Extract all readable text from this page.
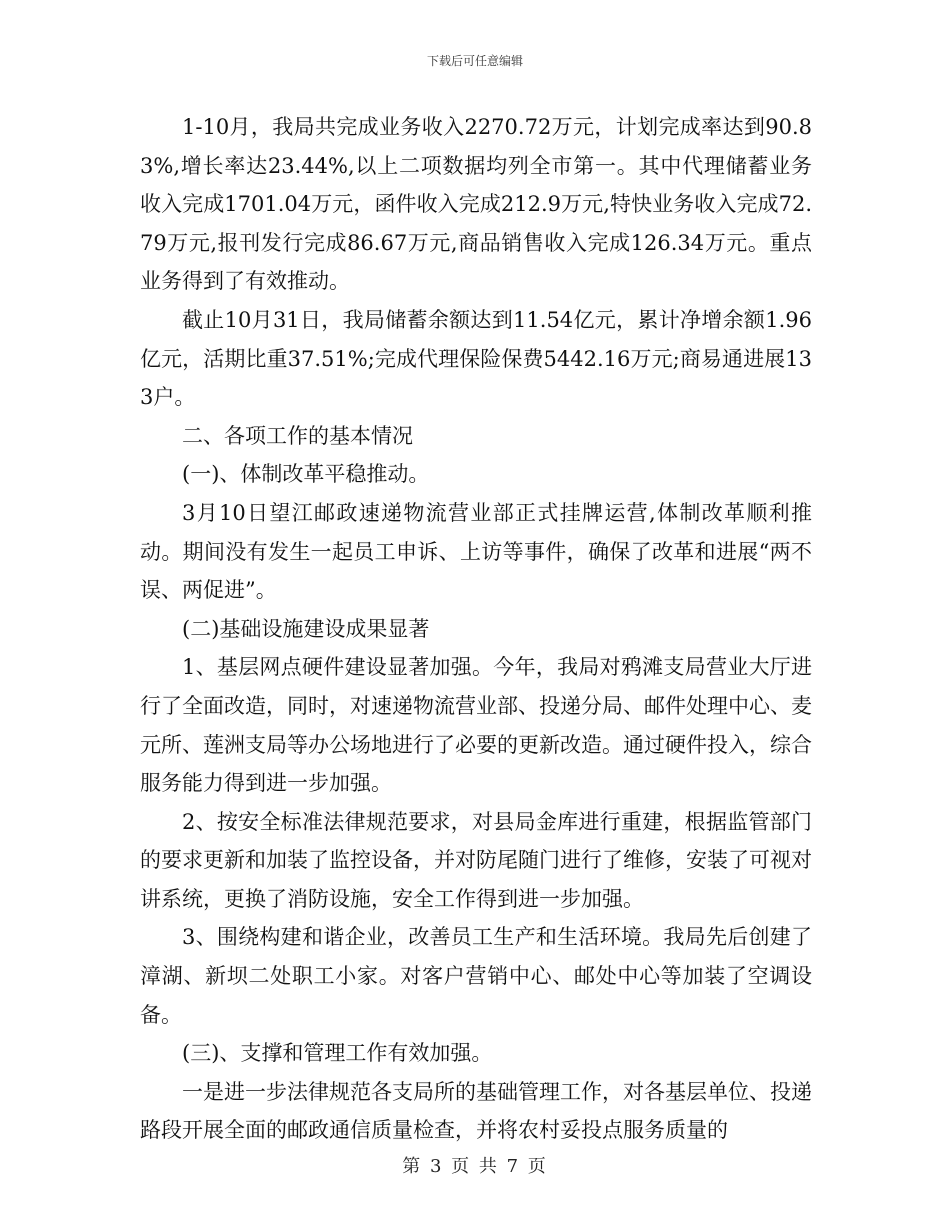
下载后可任意编辑

1-10月，我局共完成业务收入2270.72万元，计划完成率达到90.83%,增长率达23.44%,以上二项数据均列全市第一。其中代理储蓄业务收入完成1701.04万元，函件收入完成212.9万元,特快业务收入完成72.79万元,报刊发行完成86.67万元,商品销售收入完成126.34万元。重点业务得到了有效推动。

截止10月31日，我局储蓄余额达到11.54亿元，累计净增余额1.96亿元，活期比重37.51%;完成代理保险保费5442.16万元;商易通进展133户。

二、各项工作的基本情况

(一)、体制改革平稳推动。

3月10日望江邮政速递物流营业部正式挂牌运营,体制改革顺利推动。期间没有发生一起员工申诉、上访等事件，确保了改革和进展“两不误、两促进”。

(二)基础设施建设成果显著

1、基层网点硬件建设显著加强。今年，我局对鸦滩支局营业大厅进行了全面改造，同时，对速递物流营业部、投递分局、邮件处理中心、麦元所、莲洲支局等办公场地进行了必要的更新改造。通过硬件投入，综合服务能力得到进一步加强。

2、按安全标准法律规范要求，对县局金库进行重建，根据监管部门的要求更新和加装了监控设备，并对防尾随门进行了维修，安装了可视对讲系统，更换了消防设施，安全工作得到进一步加强。

3、围绕构建和谐企业，改善员工生产和生活环境。我局先后创建了漳湖、新坝二处职工小家。对客户营销中心、邮处中心等加装了空调设备。

(三)、支撑和管理工作有效加强。

一是进一步法律规范各支局所的基础管理工作，对各基层单位、投递路段开展全面的邮政通信质量检查，并将农村妥投点服务质量的

第 3 页 共 7 页
